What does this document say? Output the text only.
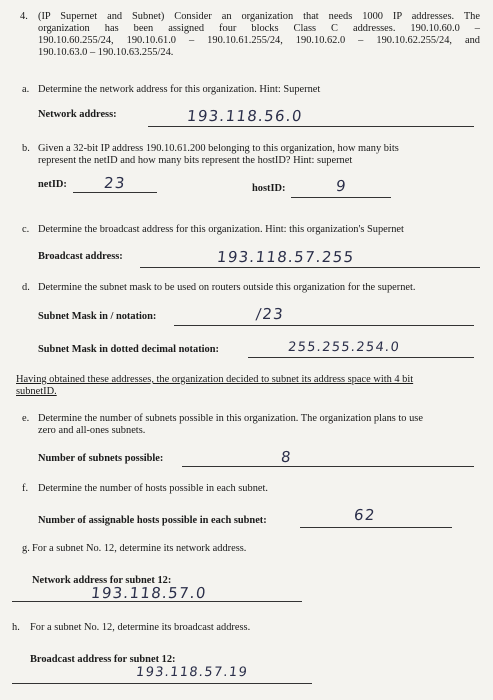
4. (IP Supernet and Subnet) Consider an organization that needs 1000 IP addresses. The
organization has been assigned four blocks Class C addresses. 190.10.60.0 –
190.10.60.255/24, 190.10.61.0 – 190.10.61.255/24, 190.10.62.0 – 190.10.62.255/24, and
190.10.63.0 – 190.10.63.255/24.
a. Determine the network address for this organization. Hint: Supernet
Network address:	193.118.56.0
b. Given a 32-bit IP address 190.10.61.200 belonging to this organization, how many bits
represent the netID and how many bits represent the hostID? Hint: supernet
netID: 23	hostID:	9
c. Determine the broadcast address for this organization. Hint: this organization's Supernet
Broadcast address:	193.118.57.255
d. Determine the subnet mask to be used on routers outside this organization for the supernet.
Subnet Mask in / notation:	/23
Subnet Mask in dotted decimal notation:	255.255.254.0
Having obtained these addresses, the organization decided to subnet its address space with 4 bit
subnetID.
e. Determine the number of subnets possible in this organization. The organization plans to use
zero and all-ones subnets.
Number of subnets possible:	8
f. Determine the number of hosts possible in each subnet.
Number of assignable hosts possible in each subnet:	62
g. For a subnet No. 12, determine its network address.
Network address for subnet 12:
193.118.57.0
h. For a subnet No. 12, determine its broadcast address.
Broadcast address for subnet 12:
193.118.57.19
